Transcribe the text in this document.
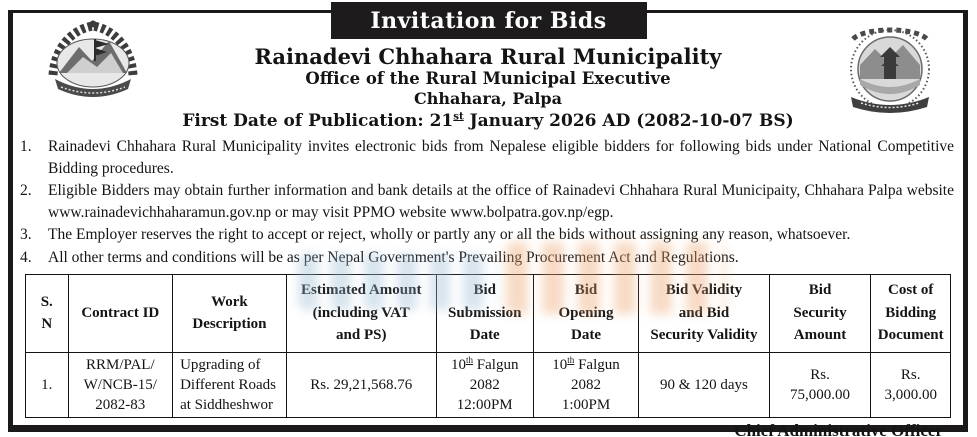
Invitation for Bids
Rainadevi Chhahara Rural Municipality
Office of the Rural Municipal Executive
Chhahara, Palpa
First Date of Publication: 21st January 2026 AD (2082-10-07 BS)
1.	Rainadevi Chhahara Rural Municipality invites electronic bids from Nepalese eligible bidders for following bids under National Competitive Bidding procedures.
2.	Eligible Bidders may obtain further information and bank details at the office of Rainadevi Chhahara Rural Municipaity, Chhahara Palpa website www.rainadevichhaharamun.gov.np or may visit PPMO website www.bolpatra.gov.np/egp.
3.	The Employer reserves the right to accept or reject, wholly or partly any or all the bids without assigning any reason, whatsoever.
4.	All other terms and conditions will be as per Nepal Government's Prevailing Procurement Act and Regulations.
S.
N	Contract ID	Work Description	Estimated Amount
(including VAT
and PS)	Bid
Submission
Date	Bid
Opening
Date	Bid Validity
and Bid
Security Validity	Bid
Security
Amount	Cost of
Bidding
Document
1.	RRM/PAL/
W/NCB-15/
2082-83	Upgrading of
Different Roads
at Siddheshwor	Rs. 29,21,568.76	10th Falgun
2082
12:00PM	10th Falgun
2082
1:00PM	90 & 120 days	Rs.
75,000.00	Rs.
3,000.00
Chief Administrative Officer
